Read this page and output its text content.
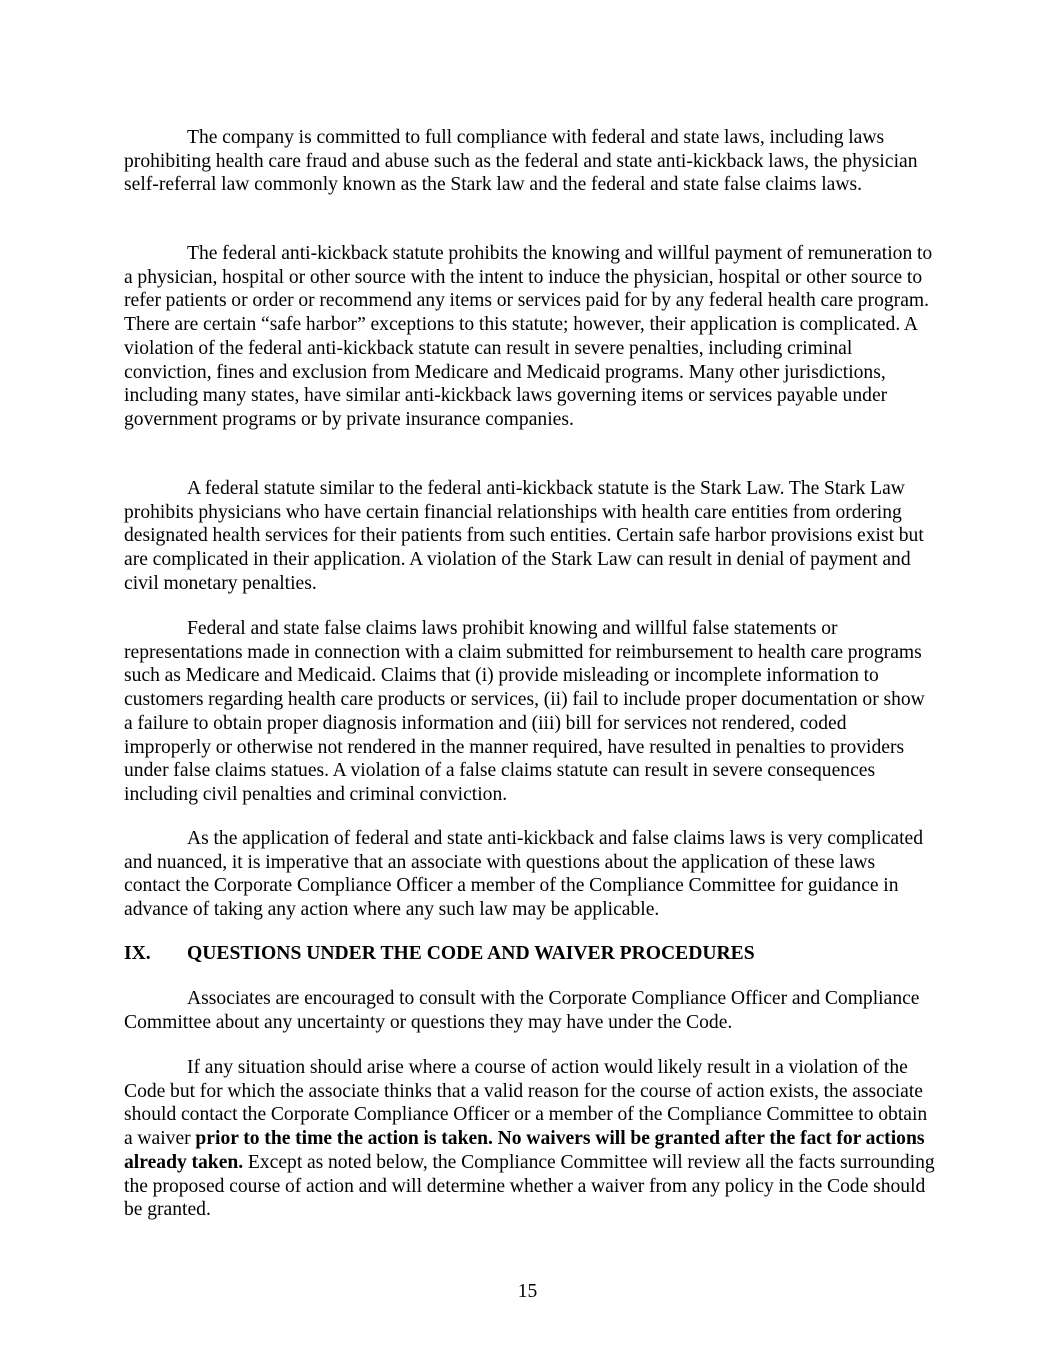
The company is committed to full compliance with federal and state laws, including laws prohibiting health care fraud and abuse such as the federal and state anti-kickback laws, the physician self-referral law commonly known as the Stark law and the federal and state false claims laws.

The federal anti-kickback statute prohibits the knowing and willful payment of remuneration to a physician, hospital or other source with the intent to induce the physician, hospital or other source to refer patients or order or recommend any items or services paid for by any federal health care program. There are certain “safe harbor” exceptions to this statute; however, their application is complicated. A violation of the federal anti-kickback statute can result in severe penalties, including criminal conviction, fines and exclusion from Medicare and Medicaid programs. Many other jurisdictions, including many states, have similar anti-kickback laws governing items or services payable under government programs or by private insurance companies.

A federal statute similar to the federal anti-kickback statute is the Stark Law. The Stark Law prohibits physicians who have certain financial relationships with health care entities from ordering designated health services for their patients from such entities. Certain safe harbor provisions exist but are complicated in their application. A violation of the Stark Law can result in denial of payment and civil monetary penalties.

Federal and state false claims laws prohibit knowing and willful false statements or representations made in connection with a claim submitted for reimbursement to health care programs such as Medicare and Medicaid. Claims that (i) provide misleading or incomplete information to customers regarding health care products or services, (ii) fail to include proper documentation or show a failure to obtain proper diagnosis information and (iii) bill for services not rendered, coded improperly or otherwise not rendered in the manner required, have resulted in penalties to providers under false claims statues. A violation of a false claims statute can result in severe consequences including civil penalties and criminal conviction.

As the application of federal and state anti-kickback and false claims laws is very complicated and nuanced, it is imperative that an associate with questions about the application of these laws contact the Corporate Compliance Officer a member of the Compliance Committee for guidance in advance of taking any action where any such law may be applicable.

IX. QUESTIONS UNDER THE CODE AND WAIVER PROCEDURES

Associates are encouraged to consult with the Corporate Compliance Officer and Compliance Committee about any uncertainty or questions they may have under the Code.

If any situation should arise where a course of action would likely result in a violation of the Code but for which the associate thinks that a valid reason for the course of action exists, the associate should contact the Corporate Compliance Officer or a member of the Compliance Committee to obtain a waiver prior to the time the action is taken. No waivers will be granted after the fact for actions already taken. Except as noted below, the Compliance Committee will review all the facts surrounding the proposed course of action and will determine whether a waiver from any policy in the Code should be granted.

15
